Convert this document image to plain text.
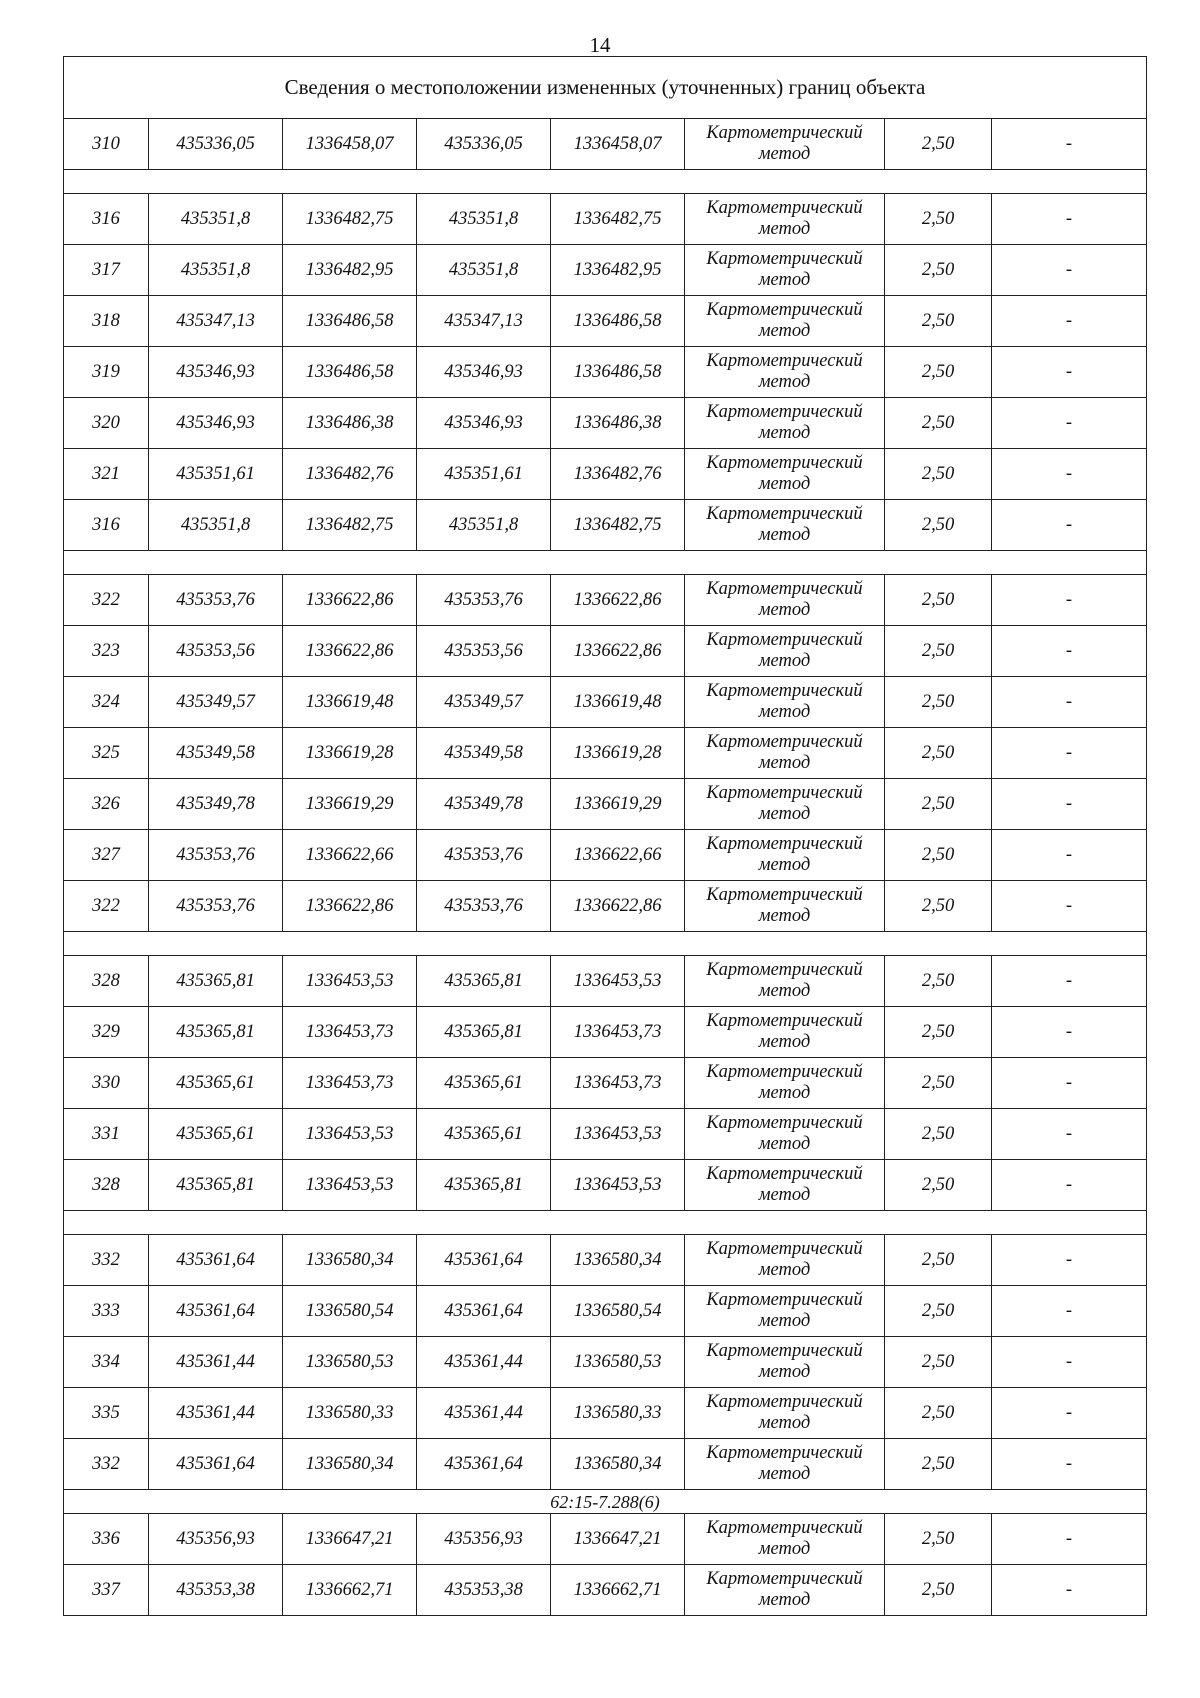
14
Сведения о местоположении измененных (уточненных) границ объекта							
310	435336,05	1336458,07	435336,05	1336458,07	Картометрический метод	2,50	-

316	435351,8	1336482,75	435351,8	1336482,75	Картометрический метод	2,50	-
317	435351,8	1336482,95	435351,8	1336482,95	Картометрический метод	2,50	-
318	435347,13	1336486,58	435347,13	1336486,58	Картометрический метод	2,50	-
319	435346,93	1336486,58	435346,93	1336486,58	Картометрический метод	2,50	-
320	435346,93	1336486,38	435346,93	1336486,38	Картометрический метод	2,50	-
321	435351,61	1336482,76	435351,61	1336482,76	Картометрический метод	2,50	-
316	435351,8	1336482,75	435351,8	1336482,75	Картометрический метод	2,50	-

322	435353,76	1336622,86	435353,76	1336622,86	Картометрический метод	2,50	-
323	435353,56	1336622,86	435353,56	1336622,86	Картометрический метод	2,50	-
324	435349,57	1336619,48	435349,57	1336619,48	Картометрический метод	2,50	-
325	435349,58	1336619,28	435349,58	1336619,28	Картометрический метод	2,50	-
326	435349,78	1336619,29	435349,78	1336619,29	Картометрический метод	2,50	-
327	435353,76	1336622,66	435353,76	1336622,66	Картометрический метод	2,50	-
322	435353,76	1336622,86	435353,76	1336622,86	Картометрический метод	2,50	-

328	435365,81	1336453,53	435365,81	1336453,53	Картометрический метод	2,50	-
329	435365,81	1336453,73	435365,81	1336453,73	Картометрический метод	2,50	-
330	435365,61	1336453,73	435365,61	1336453,73	Картометрический метод	2,50	-
331	435365,61	1336453,53	435365,61	1336453,53	Картометрический метод	2,50	-
328	435365,81	1336453,53	435365,81	1336453,53	Картометрический метод	2,50	-

332	435361,64	1336580,34	435361,64	1336580,34	Картометрический метод	2,50	-
333	435361,64	1336580,54	435361,64	1336580,54	Картометрический метод	2,50	-
334	435361,44	1336580,53	435361,44	1336580,53	Картометрический метод	2,50	-
335	435361,44	1336580,33	435361,44	1336580,33	Картометрический метод	2,50	-
332	435361,64	1336580,34	435361,64	1336580,34	Картометрический метод	2,50	-
62:15-7.288(6)							
336	435356,93	1336647,21	435356,93	1336647,21	Картометрический метод	2,50	-
337	435353,38	1336662,71	435353,38	1336662,71	Картометрический метод	2,50	-
